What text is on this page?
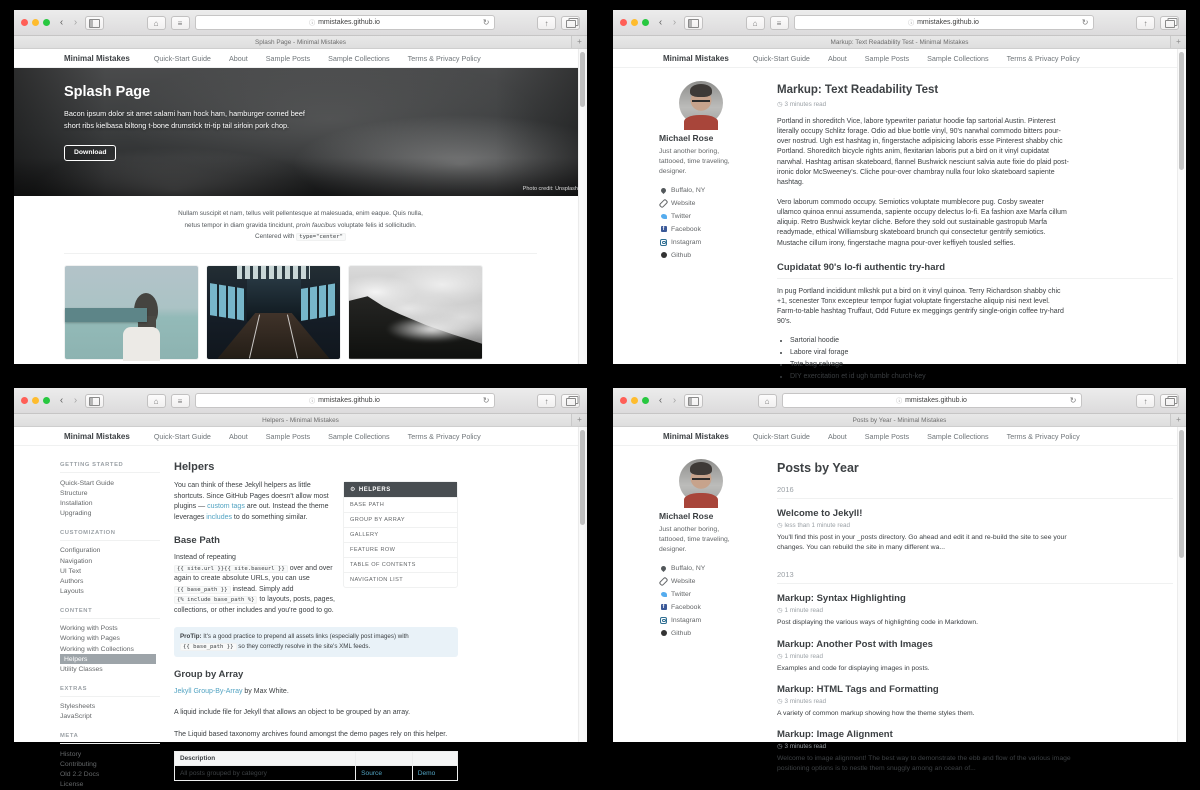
‹ ›	⌂	≡	ⓘ mmistakes.github.io	↻	↑
Splash Page - Minimal Mistakes	+
Minimal Mistakes	Quick-Start Guide	About	Sample Posts	Sample Collections	Terms & Privacy Policy
Splash Page

Bacon ipsum dolor sit amet salami ham hock ham, hamburger corned beef short ribs kielbasa biltong t-bone drumstick tri-tip tail sirloin pork chop.

Download
Photo credit: Unsplash

Nullam suscipit et nam, tellus velit pellentesque at malesuada, enim eaque. Quis nulla, netus tempor in diam gravida tincidunt, proin faucibus voluptate felis id sollicitudin. Centered with type="center"

‹ ›	⌂	≡	ⓘ mmistakes.github.io	↻	↑
Markup: Text Readability Test - Minimal Mistakes	+
Minimal Mistakes	Quick-Start Guide	About	Sample Posts	Sample Collections	Terms & Privacy Policy
Michael Rose
Just another boring, tattooed, time traveling, designer.
Buffalo, NY
Website
Twitter
f Facebook
Instagram
Github
Markup: Text Readability Test
◷ 3 minutes read

Portland in shoreditch Vice, labore typewriter pariatur hoodie fap sartorial Austin. Pinterest literally occupy Schlitz forage. Odio ad blue bottle vinyl, 90's narwhal commodo bitters pour-over nostrud. Ugh est hashtag in, fingerstache adipisicing laboris esse Pinterest shabby chic Portland. Shoreditch bicycle rights anim, flexitarian laboris put a bird on it vinyl cupidatat narwhal. Hashtag artisan skateboard, flannel Bushwick nesciunt salvia aute fixie do plaid post-ironic dolor McSweeney's. Cliche pour-over chambray nulla four loko skateboard sapiente hashtag.

Vero laborum commodo occupy. Semiotics voluptate mumblecore pug. Cosby sweater ullamco quinoa ennui assumenda, sapiente occupy delectus lo-fi. Ea fashion axe Marfa cillum aliquip. Retro Bushwick keytar cliche. Before they sold out sustainable gastropub Marfa readymade, ethical Williamsburg skateboard brunch qui consectetur gentrify semiotics. Mustache cillum irony, fingerstache magna pour-over keffiyeh tousled selfies.

Cupidatat 90's lo-fi authentic try-hard

In pug Portland incididunt mlkshk put a bird on it vinyl quinoa. Terry Richardson shabby chic +1, scenester Tonx excepteur tempor fugiat voluptate fingerstache aliquip nisi next level. Farm-to-table hashtag Truffaut, Odd Future ex meggings gentrify single-origin coffee try-hard 90's.

• Sartorial hoodie
• Labore viral forage
• Tote bag selvage
• DIY exercitation et id ugh tumblr church-key
‹ ›	⌂	≡	ⓘ mmistakes.github.io	↻	↑
Helpers - Minimal Mistakes	+
Minimal Mistakes	Quick-Start Guide	About	Sample Posts	Sample Collections	Terms & Privacy Policy
GETTING STARTED
Quick-Start Guide
Structure
Installation
Upgrading
CUSTOMIZATION
Configuration
Navigation
UI Text
Authors
Layouts
CONTENT
Working with Posts
Working with Pages
Working with Collections
Helpers
Utility Classes
EXTRAS
Stylesheets
JavaScript
META
History
Contributing
Old 2.2 Docs
License
Helpers
⚙ HELPERS
BASE PATH
GROUP BY ARRAY
GALLERY
FEATURE ROW
TABLE OF CONTENTS
NAVIGATION LIST

You can think of these Jekyll helpers as little shortcuts. Since GitHub Pages doesn't allow most plugins — custom tags are out. Instead the theme leverages includes to do something similar.

Base Path

Instead of repeating {{ site.url }}{{ site.baseurl }} over and over again to create absolute URLs, you can use {{ base_path }} instead. Simply add {% include base_path %} to layouts, posts, pages, collections, or other includes and you're good to go.

ProTip: It's a good practice to prepend all assets links (especially post images) with {{ base_path }} so they correctly resolve in the site's XML feeds.
Group by Array

Jekyll Group-By-Array by Max White.

A liquid include file for Jekyll that allows an object to be grouped by an array.

The Liquid based taxonomy archives found amongst the demo pages rely on this helper.

Description		
All posts grouped by category	Source	Demo
‹ ›	⌂	ⓘ mmistakes.github.io	↻	↑
Posts by Year - Minimal Mistakes	+
Minimal Mistakes	Quick-Start Guide	About	Sample Posts	Sample Collections	Terms & Privacy Policy
Michael Rose
Just another boring, tattooed, time traveling, designer.
Buffalo, NY
Website
Twitter
f Facebook
Instagram
Github
Posts by Year
2016
Welcome to Jekyll!
◷ less than 1 minute read

You'll find this post in your _posts directory. Go ahead and edit it and re-build the site to see your changes. You can rebuild the site in many different wa...

2013
Markup: Syntax Highlighting
◷ 1 minute read

Post displaying the various ways of highlighting code in Markdown.

Markup: Another Post with Images
◷ 1 minute read

Examples and code for displaying images in posts.

Markup: HTML Tags and Formatting
◷ 3 minutes read

A variety of common markup showing how the theme styles them.

Markup: Image Alignment
◷ 3 minutes read

Welcome to image alignment! The best way to demonstrate the ebb and flow of the various image positioning options is to nestle them snuggly among an ocean of...
